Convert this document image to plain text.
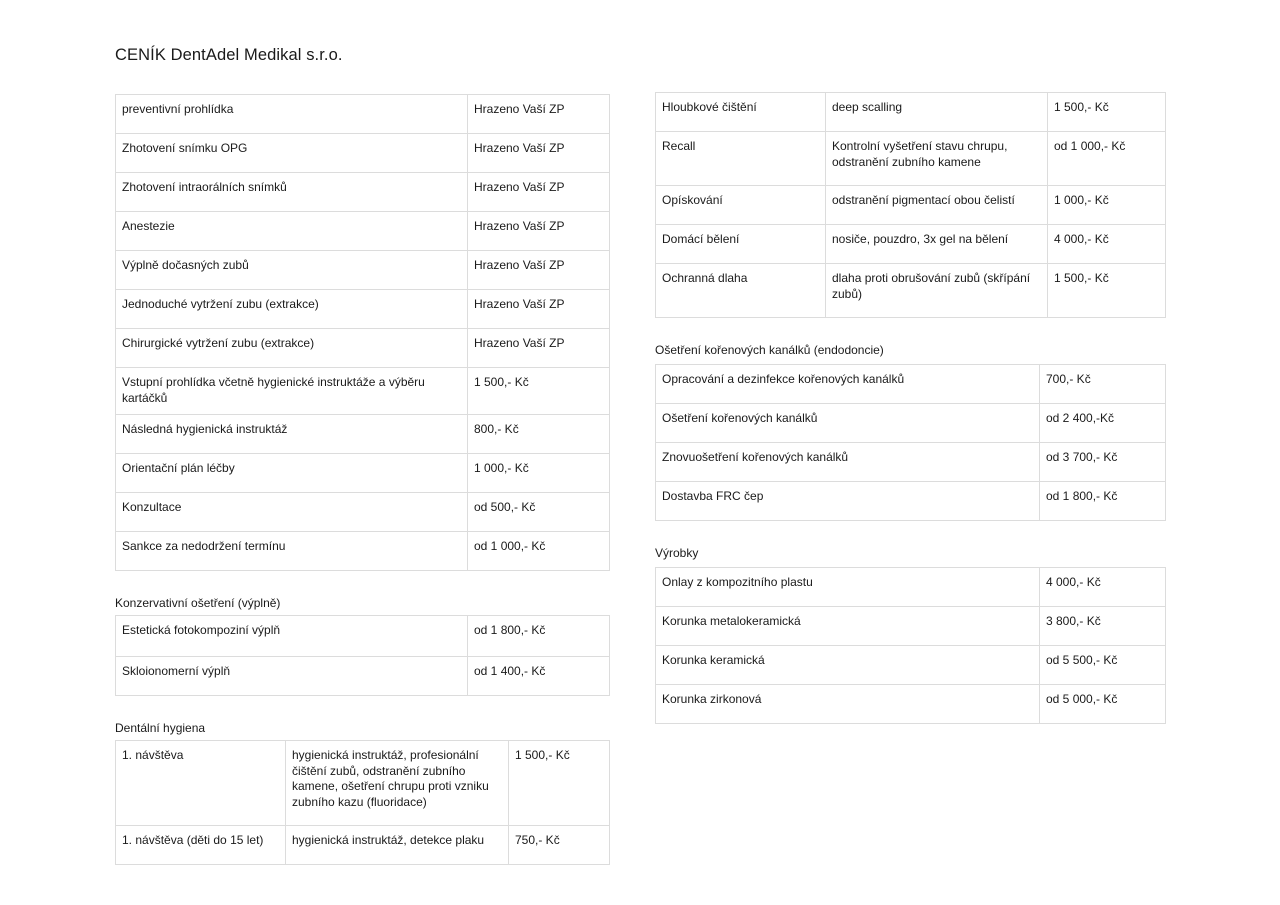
CENÍK DentAdel Medikal s.r.o.
preventivní prohlídka	Hrazeno Vaší ZP
Zhotovení snímku OPG	Hrazeno Vaší ZP
Zhotovení intraorálních snímků	Hrazeno Vaší ZP
Anestezie	Hrazeno Vaší ZP
Výplně dočasných zubů	Hrazeno Vaší ZP
Jednoduché vytržení zubu (extrakce)	Hrazeno Vaší ZP
Chirurgické vytržení zubu (extrakce)	Hrazeno Vaší ZP
Vstupní prohlídka včetně hygienické instruktáže a výběru kartáčků	1 500,- Kč
Následná hygienická instruktáž	800,- Kč
Orientační plán léčby	1 000,- Kč
Konzultace	od 500,- Kč
Sankce za nedodržení termínu	od 1 000,- Kč

Konzervativní ošetření (výplně)

Estetická fotokompoziní výplň	od 1 800,- Kč
Skloionomerní výplň	od 1 400,- Kč

Dentální hygiena

1. návštěva	hygienická instruktáž, profesionální čištění zubů, odstranění zubního kamene, ošetření chrupu proti vzniku zubního kazu (fluoridace)	1 500,- Kč
1. návštěva (děti do 15 let)	hygienická instruktáž, detekce plaku	750,- Kč
Hloubkové čištění	deep scalling	1 500,- Kč
Recall	Kontrolní vyšetření stavu chrupu, odstranění zubního kamene	od 1 000,- Kč
Opískování	odstranění pigmentací obou čelistí	1 000,- Kč
Domácí bělení	nosiče, pouzdro, 3x gel na bělení	4 000,- Kč
Ochranná dlaha	dlaha proti obrušování zubů (skřípání zubů)	1 500,- Kč

Ošetření kořenových kanálků (endodoncie)

Opracování a dezinfekce kořenových kanálků	700,- Kč
Ošetření kořenových kanálků	od 2 400,-Kč
Znovuošetření kořenových kanálků	od 3 700,- Kč
Dostavba FRC čep	od 1 800,- Kč

Výrobky

Onlay z kompozitního plastu	4 000,- Kč
Korunka metalokeramická	3 800,- Kč
Korunka keramická	od 5 500,- Kč
Korunka zirkonová	od 5 000,- Kč
